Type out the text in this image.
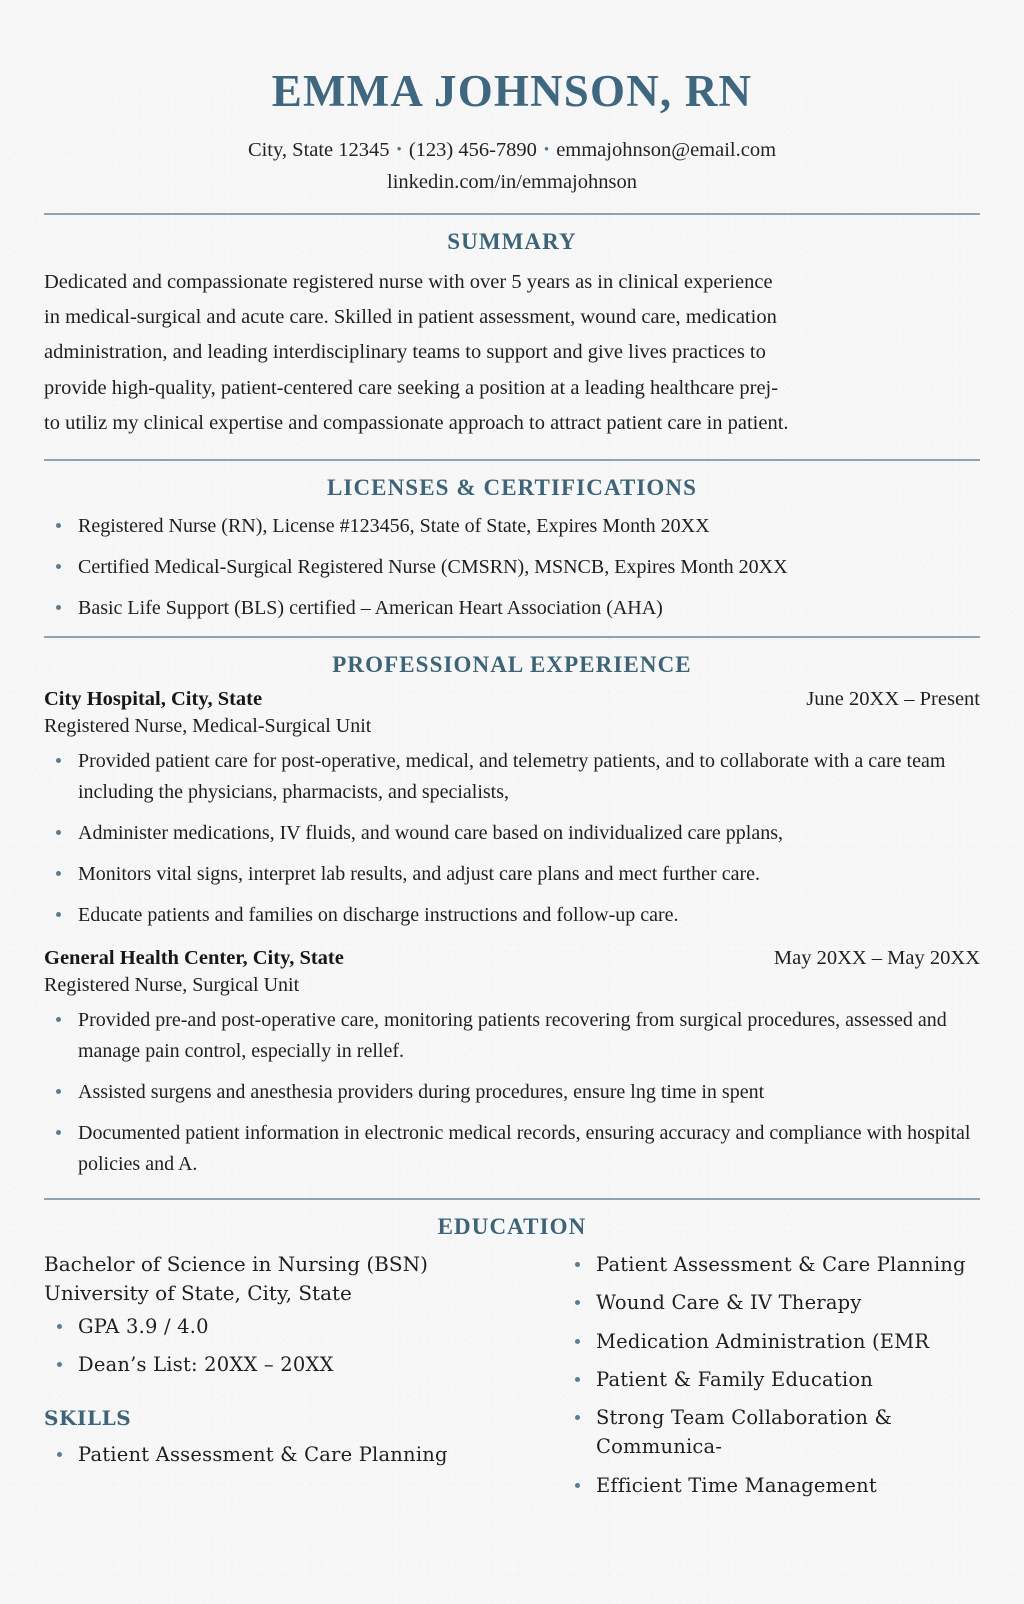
EMMA JOHNSON, RN
City, State 12345 • (123) 456-7890 • emmajohnson@email.com
linkedin.com/in/emmajohnson
SUMMARY

Dedicated and compassionate registered nurse with over 5 years as in clinical experience

in medical-surgical and acute care. Skilled in patient assessment, wound care, medication

administration, and leading interdisciplinary teams to support and give lives practices to

provide high-quality, patient-centered care seeking a position at a leading healthcare prej-

to utiliz my clinical expertise and compassionate approach to attract patient care in patient.

LICENSES & CERTIFICATIONS
Registered Nurse (RN), License #123456, State of State, Expires Month 20XX
Certified Medical-Surgical Registered Nurse (CMSRN), MSNCB, Expires Month 20XX
Basic Life Support (BLS) certified – American Heart Association (AHA)
PROFESSIONAL EXPERIENCE
City Hospital, City, State	June 20XX – Present
Registered Nurse, Medical-Surgical Unit
Provided patient care for post-operative, medical, and telemetry patients, and to collaborate with a care team including the physicians, pharmacists, and specialists,
Administer medications, IV fluids, and wound care based on individualized care pplans,
Monitors vital signs, interpret lab results, and adjust care plans and mect further care.
Educate patients and families on discharge instructions and follow-up care.
General Health Center, City, State	May 20XX – May 20XX
Registered Nurse, Surgical Unit
Provided pre-and post-operative care, monitoring patients recovering from surgical procedures, assessed and manage pain control, especially in rellef.
Assisted surgens and anesthesia providers during procedures, ensure lng time in spent
Documented patient information in electronic medical records, ensuring accuracy and compliance with hospital policies and A.
EDUCATION
Bachelor of Science in Nursing (BSN)
University of State, City, State
GPA 3.9 / 4.0
Dean’s List: 20XX – 20XX
SKILLS
Patient Assessment & Care Planning
Patient Assessment & Care Planning
Wound Care & IV Therapy
Medication Administration (EMR
Patient & Family Education
Strong Team Collaboration & Communica-
Efficient Time Management
